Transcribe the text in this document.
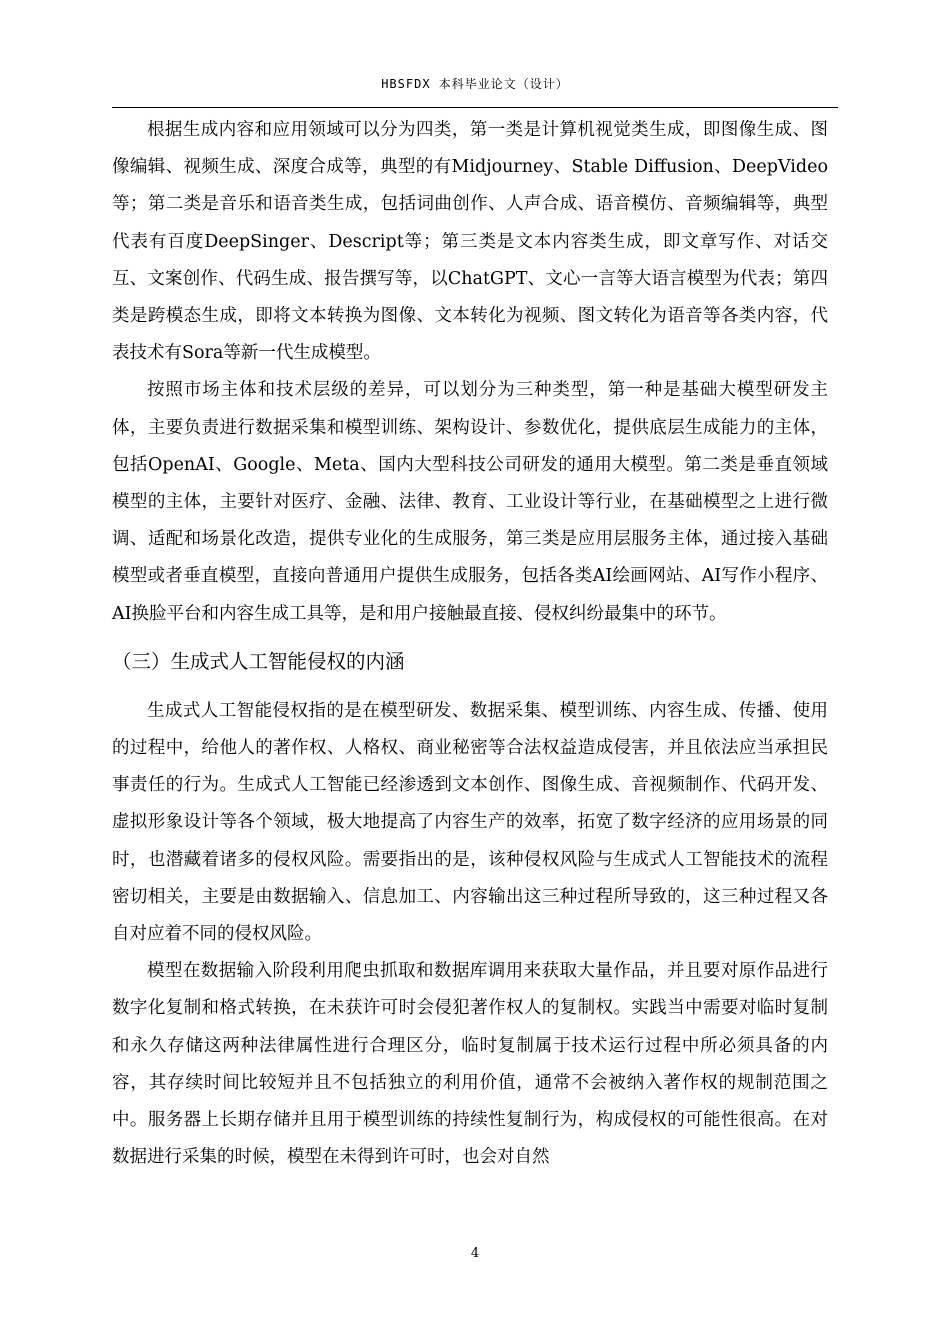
HBSFDX 本科毕业论文（设计）

根据生成内容和应用领域可以分为四类，第一类是计算机视觉类生成，即图像生成、图像编辑、视频生成、深度合成等，典型的有Midjourney、Stable Diffusion、DeepVideo等；第二类是音乐和语音类生成，包括词曲创作、人声合成、语音模仿、音频编辑等，典型代表有百度DeepSinger、Descript等；第三类是文本内容类生成，即文章写作、对话交互、文案创作、代码生成、报告撰写等，以ChatGPT、文心一言等大语言模型为代表；第四类是跨模态生成，即将文本转换为图像、文本转化为视频、图文转化为语音等各类内容，代表技术有Sora等新一代生成模型。

按照市场主体和技术层级的差异，可以划分为三种类型，第一种是基础大模型研发主体，主要负责进行数据采集和模型训练、架构设计、参数优化，提供底层生成能力的主体，包括OpenAI、Google、Meta、国内大型科技公司研发的通用大模型。第二类是垂直领域模型的主体，主要针对医疗、金融、法律、教育、工业设计等行业，在基础模型之上进行微调、适配和场景化改造，提供专业化的生成服务，第三类是应用层服务主体，通过接入基础模型或者垂直模型，直接向普通用户提供生成服务，包括各类AI绘画网站、AI写作小程序、AI换脸平台和内容生成工具等，是和用户接触最直接、侵权纠纷最集中的环节。

（三）生成式人工智能侵权的内涵

生成式人工智能侵权指的是在模型研发、数据采集、模型训练、内容生成、传播、使用的过程中，给他人的著作权、人格权、商业秘密等合法权益造成侵害，并且依法应当承担民事责任的行为。生成式人工智能已经渗透到文本创作、图像生成、音视频制作、代码开发、虚拟形象设计等各个领域，极大地提高了内容生产的效率，拓宽了数字经济的应用场景的同时，也潜藏着诸多的侵权风险。需要指出的是，该种侵权风险与生成式人工智能技术的流程密切相关，主要是由数据输入、信息加工、内容输出这三种过程所导致的，这三种过程又各自对应着不同的侵权风险。

模型在数据输入阶段利用爬虫抓取和数据库调用来获取大量作品，并且要对原作品进行数字化复制和格式转换，在未获许可时会侵犯著作权人的复制权。实践当中需要对临时复制和永久存储这两种法律属性进行合理区分，临时复制属于技术运行过程中所必须具备的内容，其存续时间比较短并且不包括独立的利用价值，通常不会被纳入著作权的规制范围之中。服务器上长期存储并且用于模型训练的持续性复制行为，构成侵权的可能性很高。在对数据进行采集的时候，模型在未得到许可时，也会对自然

4
